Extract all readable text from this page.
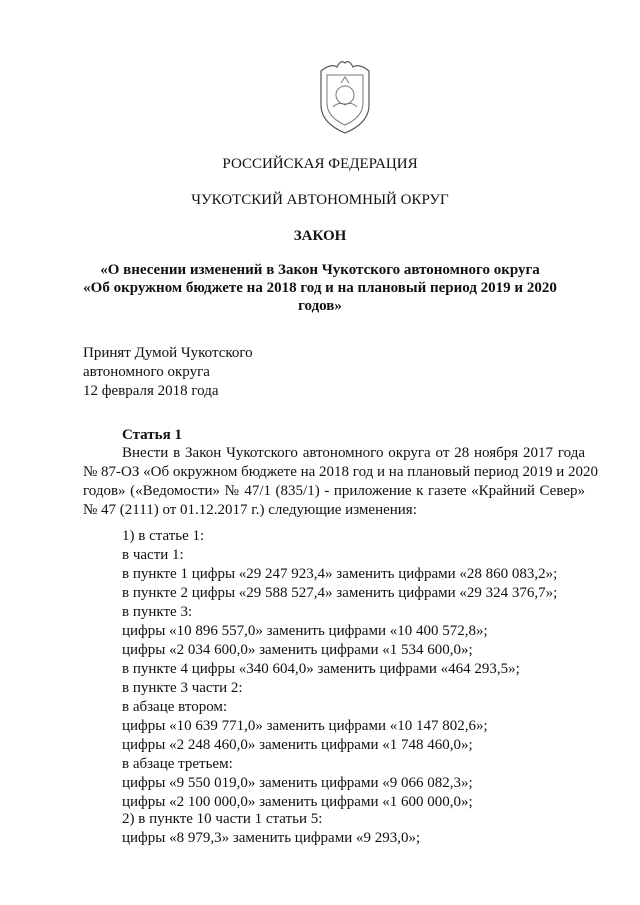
РОССИЙСКАЯ ФЕДЕРАЦИЯ
ЧУКОТСКИЙ АВТОНОМНЫЙ ОКРУГ
ЗАКОН
«О внесении изменений в Закон Чукотского автономного округа
«Об окружном бюджете на 2018 год и на плановый период 2019 и 2020
годов»
Принят Думой Чукотского
автономного округа
12 февраля 2018 года
Статья 1
Внести в Закон Чукотского автономного округа от 28 ноября 2017 года
№ 87-ОЗ «Об окружном бюджете на 2018 год и на плановый период 2019 и 2020
годов» («Ведомости» № 47/1 (835/1) - приложение к газете «Крайний Север»
№ 47 (2111) от 01.12.2017 г.) следующие изменения:
1) в статье 1:
в части 1:
в пункте 1 цифры «29 247 923,4» заменить цифрами «28 860 083,2»;
в пункте 2 цифры «29 588 527,4» заменить цифрами «29 324 376,7»;
в пункте 3:
цифры «10 896 557,0» заменить цифрами «10 400 572,8»;
цифры «2 034 600,0» заменить цифрами «1 534 600,0»;
в пункте 4 цифры «340 604,0» заменить цифрами «464 293,5»;
в пункте 3 части 2:
в абзаце втором:
цифры «10 639 771,0» заменить цифрами «10 147 802,6»;
цифры «2 248 460,0» заменить цифрами «1 748 460,0»;
в абзаце третьем:
цифры «9 550 019,0» заменить цифрами «9 066 082,3»;
цифры «2 100 000,0» заменить цифрами «1 600 000,0»;
2) в пункте 10 части 1 статьи 5:
цифры «8 979,3» заменить цифрами «9 293,0»;
